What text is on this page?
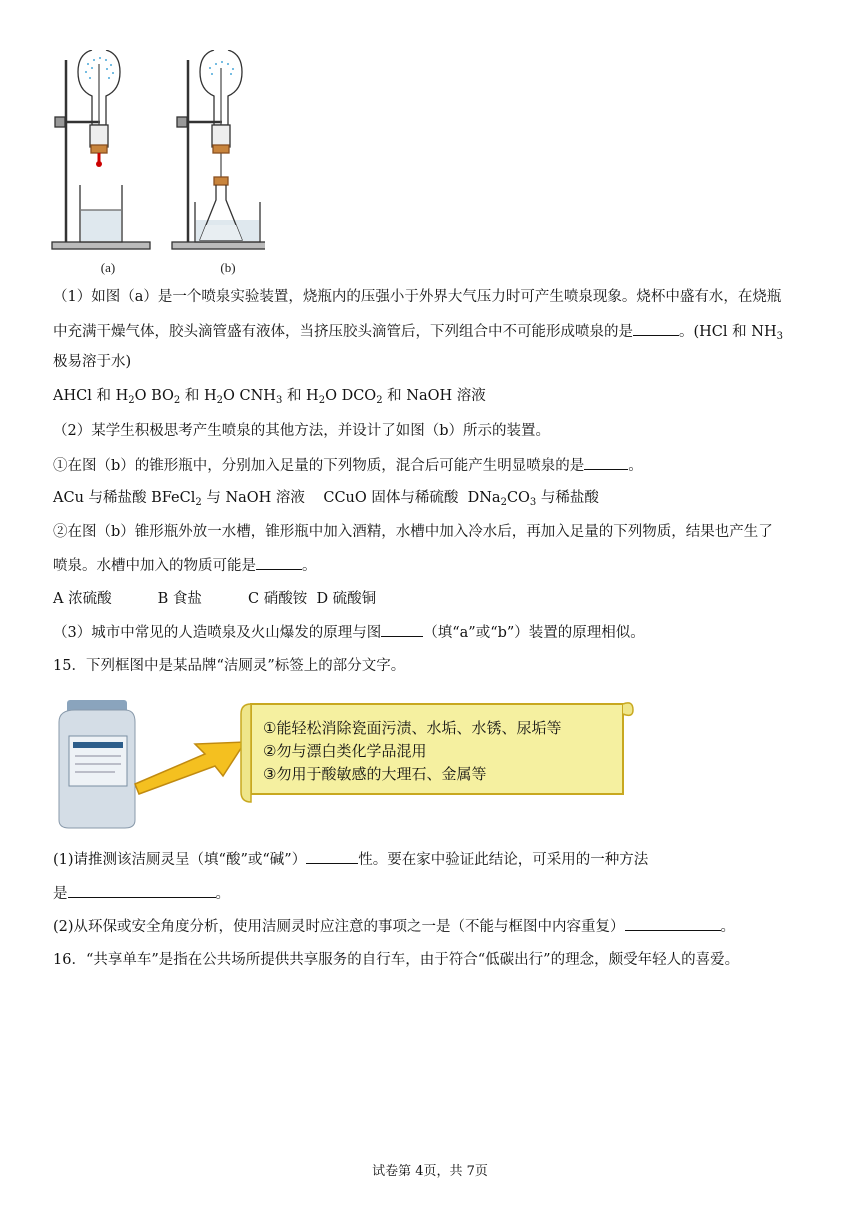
(a)	(b)
（1）如图（a）是一个喷泉实验装置，烧瓶内的压强小于外界大气压力时可产生喷泉现象。烧杯中盛有水，在烧瓶
中充满干燥气体，胶头滴管盛有液体，当挤压胶头滴管后，下列组合中不可能形成喷泉的是	。(HCl 和 $NH_3$
极易溶于水)
AHCl 和 $H_2O$ $BO_2$ 和 $H_2O$ $CNH_3$ 和 $H_2O$ $DCO_2$ 和 NaOH 溶液
（2）某学生积极思考产生喷泉的其他方法，并设计了如图（b）所示的装置。
①在图（b）的锥形瓶中，分别加入足量的下列物质，混合后可能产生明显喷泉的是	。
ACu 与稀盐酸 BFeCl$_2$ 与 NaOH 溶液    CCuO 固体与稀硫酸  $DNa_2CO_3$ 与稀盐酸
②在图（b）锥形瓶外放一水槽，锥形瓶中加入酒精，水槽中加入冷水后，再加入足量的下列物质，结果也产生了
喷泉。水槽中加入的物质可能是	。
A 浓硫酸          B 食盐          C 硝酸铵  D 硫酸铜
（3）城市中常见的人造喷泉及火山爆发的原理与图	（填“a”或“b”）装置的原理相似。
15．下列框图中是某品牌“洁厕灵”标签上的部分文字。
①能轻松消除瓷面污渍、水垢、水锈、尿垢等
②勿与漂白类化学品混用
③勿用于酸敏感的大理石、金属等
(1)请推测该洁厕灵呈（填“酸”或“碱”）	性。要在家中验证此结论，可采用的一种方法
是	。
(2)从环保或安全角度分析，使用洁厕灵时应注意的事项之一是（不能与框图中内容重复）	。
16．“共享单车”是指在公共场所提供共享服务的自行车，由于符合“低碳出行”的理念，颇受年轻人的喜爱。
试卷第 4页，共 7页
